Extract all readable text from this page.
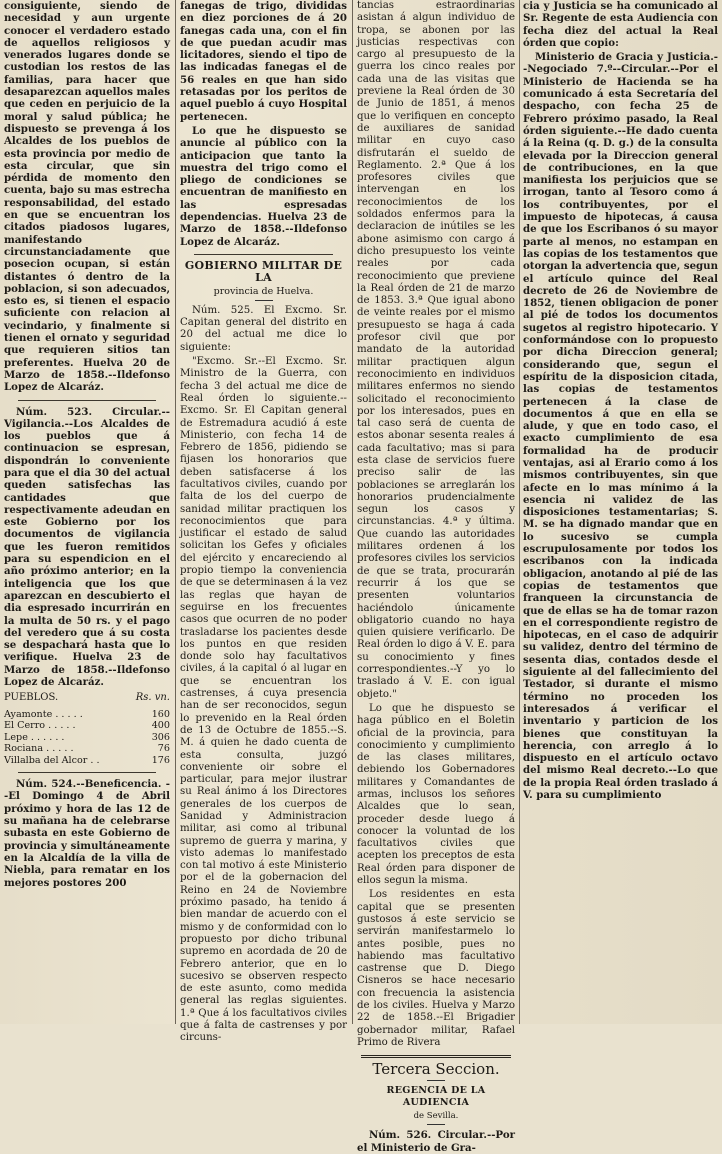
consiguiente, siendo de necesidad y aun urgente conocer el verdadero estado de aquellos religiosos y venerados lugares donde se custodian los restos de las familias, para hacer que desaparezcan aquellos males que ceden en perjuicio de la moral y salud pública; he dispuesto se prevenga á los Alcaldes de los pueblos de esta provincia por medio de esta circular, que sin pérdida de momento den cuenta, bajo su mas estrecha responsabilidad, del estado en que se encuentran los citados piadosos lugares, manifestando circunstanciadamente que posecion ocupan, si están distantes ó dentro de la poblacion, si son adecuados, esto es, si tienen el espacio suficiente con relacion al vecindario, y finalmente si tienen el ornato y seguridad que requieren sitios tan preferentes. Huelva 20 de Marzo de 1858.--Ildefonso Lopez de Alcaráz.

Núm. 523. Circular.--Vigilancia.--Los Alcaldes de los pueblos que á continuacion se espresan, dispondrán lo conveniente para que el dia 30 del actual queden satisfechas las cantidades que respectivamente adeudan en este Gobierno por los documentos de vigilancia que les fueron remitidos para su espendicion en el año próximo anterior; en la inteligencia que los que aparezcan en descubierto el dia espresado incurrirán en la multa de 50 rs. y el pago del veredero que á su costa se despachará hasta que lo verifique. Huelva 23 de Marzo de 1858.--Ildefonso Lopez de Alcaráz.

PUEBLOS.	Rs. vn.
Ayamonte . . . . .	160
El Cerro . . . . .	400
Lepe . . . . . .	306
Rociana . . . . .	76
Villalba del Alcor . .	176

Núm. 524.--Beneficencia. --El Domingo 4 de Abril próximo y hora de las 12 de su mañana ha de celebrarse subasta en este Gobierno de provincia y simultáneamente en la Alcaldía de la villa de Niebla, para rematar en los mejores postores 200

fanegas de trigo, divididas en diez porciones de á 20 fanegas cada una, con el fin de que puedan acudir mas licitadores, siendo el tipo de las indicadas fanegas el de 56 reales en que han sido retasadas por los peritos de aquel pueblo á cuyo Hospital pertenecen.

Lo que he dispuesto se anuncie al público con la anticipacion que tanto la muestra del trigo como el pliego de condiciones se encuentran de manifiesto en las espresadas dependencias. Huelva 23 de Marzo de 1858.--Ildefonso Lopez de Alcaráz.

GOBIERNO MILITAR DE LA
provincia de Huelva.

Núm. 525. El Excmo. Sr. Capitan general del distrito en 20 del actual me dice lo siguiente:

"Excmo. Sr.--El Excmo. Sr. Ministro de la Guerra, con fecha 3 del actual me dice de Real órden lo siguiente.--Excmo. Sr. El Capitan general de Estremadura acudió á este Ministerio, con fecha 14 de Febrero de 1856, pidiendo se fijasen los honorarios que deben satisfacerse á los facultativos civiles, cuando por falta de los del cuerpo de sanidad militar practiquen los reconocimientos que para justificar el estado de salud solicitan los Gefes y oficiales del ejército y encareciendo al propio tiempo la conveniencia de que se determinasen á la vez las reglas que hayan de seguirse en los frecuentes casos que ocurren de no poder trasladarse los pacientes desde los puntos en que residen donde solo hay facultativos civiles, á la capital ó al lugar en que se encuentran los castrenses, á cuya presencia han de ser reconocidos, segun lo prevenido en la Real órden de 13 de Octubre de 1855.--S. M. á quien he dado cuenta de esta consulta, juzgó conveniente oir sobre el particular, para mejor ilustrar su Real ánimo á los Directores generales de los cuerpos de Sanidad y Administracion militar, asi como al tribunal supremo de guerra y marina, y visto ademas lo manifestado con tal motivo á este Ministerio por el de la gobernacion del Reino en 24 de Noviembre próximo pasado, ha tenido á bien mandar de acuerdo con el mismo y de conformidad con lo propuesto por dicho tribunal supremo en acordada de 20 de Febrero anterior, que en lo sucesivo se observen respecto de este asunto, como medida general las reglas siguientes. 1.ª Que á los facultativos civiles que á falta de castrenses y por circuns-

tancias estraordinarias asistan á algun individuo de tropa, se abonen por las justicias respectivas con cargo al presupuesto de la guerra los cinco reales por cada una de las visitas que previene la Real órden de 30 de Junio de 1851, á menos que lo verifiquen en concepto de auxiliares de sanidad militar en cuyo caso disfrutarán el sueldo de Reglamento. 2.ª Que á los profesores civiles que intervengan en los reconocimientos de los soldados enfermos para la declaracion de inútiles se les abone asimismo con cargo á dicho presupuesto los veinte reales por cada reconocimiento que previene la Real órden de 21 de marzo de 1853. 3.ª Que igual abono de veinte reales por el mismo presupuesto se haga á cada profesor civil que por mandato de la autoridad militar practiquen algun reconocimiento en individuos militares enfermos no siendo solicitado el reconocimiento por los interesados, pues en tal caso será de cuenta de estos abonar sesenta reales á cada facultativo; mas si para esta clase de servicios fuere preciso salir de las poblaciones se arreglarán los honorarios prudencialmente segun los casos y circunstancias. 4.ª y última. Que cuando las autoridades militares ordenen á los profesores civiles los servicios de que se trata, procurarán recurrir á los que se presenten voluntarios haciéndolo únicamente obligatorio cuando no haya quien quisiere verificarlo. De Real órden lo digo á V. E. para su conocimiento y fines correspondientes.--Y yo lo traslado á V. E. con igual objeto."

Lo que he dispuesto se haga público en el Boletin oficial de la provincia, para conocimiento y cumplimiento de las clases militares, debiendo los Gobernadores militares y Comandantes de armas, inclusos los señores Alcaldes que lo sean, proceder desde luego á conocer la voluntad de los facultativos civiles que acepten los preceptos de esta Real órden para disponer de ellos segun la misma.

Los residentes en esta capital que se presenten gustosos á este servicio se servirán manifestarmelo lo antes posible, pues no habiendo mas facultativo castrense que D. Diego Cisneros se hace necesario con frecuencia la asistencia de los civiles. Huelva y Marzo 22 de 1858.--El Brigadier gobernador militar, Rafael Primo de Rivera

Tercera Seccion.
REGENCIA DE LA AUDIENCIA
de Sevilla.

Núm. 526. Circular.--Por el Ministerio de Gra-

cia y Justicia se ha comunicado al Sr. Regente de esta Audiencia con fecha diez del actual la Real órden que copio:

Ministerio de Gracia y Justicia.--Negociado 7.º--Circular.--Por el Ministerio de Hacienda se ha comunicado á esta Secretaría del despacho, con fecha 25 de Febrero próximo pasado, la Real órden siguiente.--He dado cuenta á la Reina (q. D. g.) de la consulta elevada por la Direccion general de contribuciones, en la que manifiesta los perjuicios que se irrogan, tanto al Tesoro como á los contribuyentes, por el impuesto de hipotecas, á causa de que los Escribanos ó su mayor parte al menos, no estampan en las copias de los testamentos que otorgan la advertencia que, segun el artículo quince del Real decreto de 26 de Noviembre de 1852, tienen obligacion de poner al pié de todos los documentos sugetos al registro hipotecario. Y conformándose con lo propuesto por dicha Direccion general; considerando que, segun el espíritu de la disposicion citada, las copias de testamentos pertenecen á la clase de documentos á que en ella se alude, y que en todo caso, el exacto cumplimiento de esa formalidad ha de producir ventajas, asi al Erario como á los mismos contribuyentes, sin que afecte en lo mas mínimo á la esencia ni validez de las disposiciones testamentarias; S. M. se ha dignado mandar que en lo sucesivo se cumpla escrupulosamente por todos los escribanos con la indicada obligacion, anotando al pié de las copias de testamentos que franqueen la circunstancia de que de ellas se ha de tomar razon en el correspondiente registro de hipotecas, en el caso de adquirir su validez, dentro del término de sesenta dias, contados desde el siguiente al del fallecimiento del Testador, si durante el mismo término no proceden los interesados á verificar el inventario y particion de los bienes que constituyan la herencia, con arreglo á lo dispuesto en el artículo octavo del mismo Real decreto.--Lo que de la propia Real órden traslado á V. para su cumplimiento
